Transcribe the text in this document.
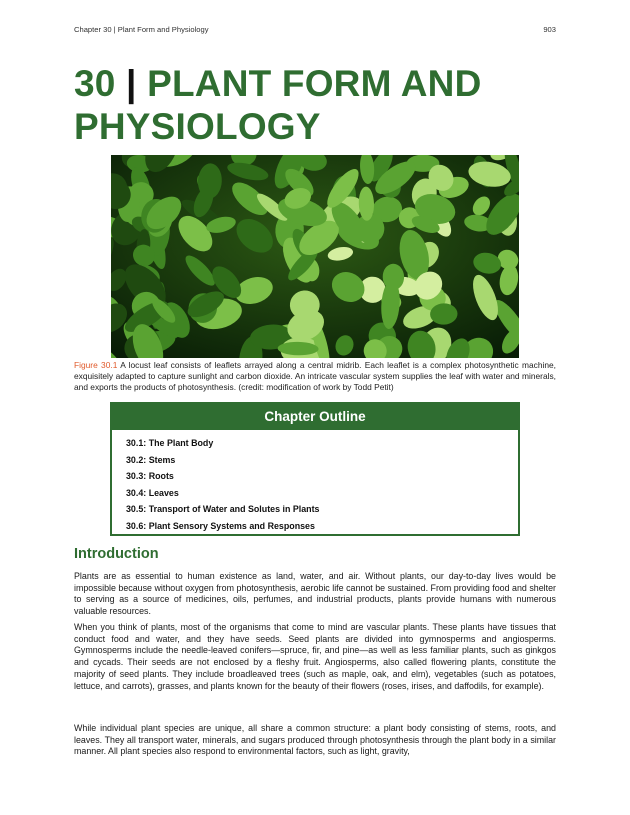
Chapter 30 | Plant Form and Physiology	903
30 | PLANT FORM AND PHYSIOLOGY

Figure 30.1 A locust leaf consists of leaflets arrayed along a central midrib. Each leaflet is a complex photosynthetic machine, exquisitely adapted to capture sunlight and carbon dioxide. An intricate vascular system supplies the leaf with water and minerals, and exports the products of photosynthesis. (credit: modification of work by Todd Petit)

Chapter Outline
30.1: The Plant Body
30.2: Stems
30.3: Roots
30.4: Leaves
30.5: Transport of Water and Solutes in Plants
30.6: Plant Sensory Systems and Responses
Introduction

Plants are as essential to human existence as land, water, and air. Without plants, our day-to-day lives would be impossible because without oxygen from photosynthesis, aerobic life cannot be sustained. From providing food and shelter to serving as a source of medicines, oils, perfumes, and industrial products, plants provide humans with numerous valuable resources.

When you think of plants, most of the organisms that come to mind are vascular plants. These plants have tissues that conduct food and water, and they have seeds. Seed plants are divided into gymnosperms and angiosperms. Gymnosperms include the needle-leaved conifers—spruce, fir, and pine—as well as less familiar plants, such as ginkgos and cycads. Their seeds are not enclosed by a fleshy fruit. Angiosperms, also called flowering plants, constitute the majority of seed plants. They include broadleaved trees (such as maple, oak, and elm), vegetables (such as potatoes, lettuce, and carrots), grasses, and plants known for the beauty of their flowers (roses, irises, and daffodils, for example).

While individual plant species are unique, all share a common structure: a plant body consisting of stems, roots, and leaves. They all transport water, minerals, and sugars produced through photosynthesis through the plant body in a similar manner. All plant species also respond to environmental factors, such as light, gravity,
